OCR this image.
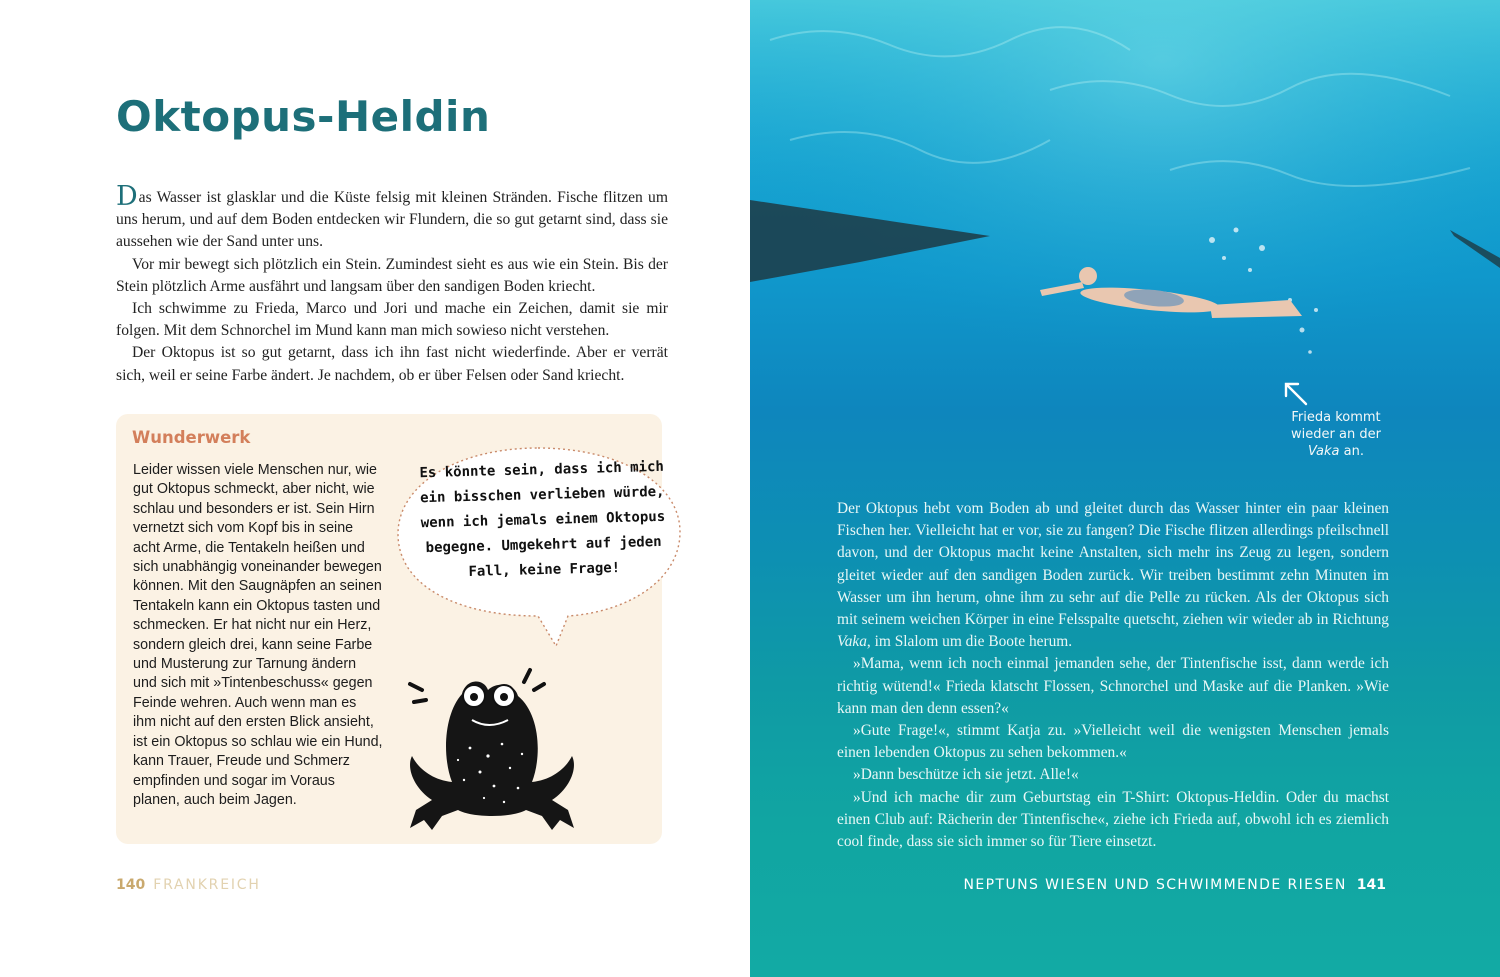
Oktopus-Heldin

Das Wasser ist glasklar und die Küste felsig mit kleinen Stränden. Fische flitzen um uns herum, und auf dem Boden entdecken wir Flundern, die so gut getarnt sind, dass sie aussehen wie der Sand unter uns.

Vor mir bewegt sich plötzlich ein Stein. Zumindest sieht es aus wie ein Stein. Bis der Stein plötzlich Arme ausfährt und langsam über den sandigen Boden kriecht.

Ich schwimme zu Frieda, Marco und Jori und mache ein Zeichen, damit sie mir folgen. Mit dem Schnorchel im Mund kann man mich sowieso nicht verstehen.

Der Oktopus ist so gut getarnt, dass ich ihn fast nicht wiederfinde. Aber er verrät sich, weil er seine Farbe ändert. Je nachdem, ob er über Felsen oder Sand kriecht.

Wunderwerk
Leider wissen viele Menschen nur, wie gut Oktopus schmeckt, aber nicht, wie schlau und besonders er ist. Sein Hirn vernetzt sich vom Kopf bis in seine acht Arme, die Tentakeln heißen und sich unabhängig voneinander bewegen können. Mit den Saugnäpfen an seinen Tentakeln kann ein Oktopus tasten und schmecken. Er hat nicht nur ein Herz, sondern gleich drei, kann seine Farbe und Musterung zur Tarnung ändern und sich mit »Tintenbeschuss« gegen Feinde wehren. Auch wenn man es ihm nicht auf den ersten Blick ansieht, ist ein Oktopus so schlau wie ein Hund, kann Trauer, Freude und Schmerz empfinden und sogar im Voraus planen, auch beim Jagen.
Es könnte sein, dass ich mich ein bisschen verlieben würde, wenn ich jemals einem Oktopus begegne. Umgekehrt auf jeden Fall, keine Frage!
140 FRANKREICH
Frieda kommt wieder an der Vaka an.

Der Oktopus hebt vom Boden ab und gleitet durch das Wasser hinter ein paar kleinen Fischen her. Vielleicht hat er vor, sie zu fangen? Die Fische flitzen allerdings pfeilschnell davon, und der Oktopus macht keine Anstalten, sich mehr ins Zeug zu legen, sondern gleitet wieder auf den sandigen Boden zurück. Wir treiben bestimmt zehn Minuten im Wasser um ihn herum, ohne ihm zu sehr auf die Pelle zu rücken. Als der Oktopus sich mit seinem weichen Körper in eine Felsspalte quetscht, ziehen wir wieder ab in Richtung Vaka, im Slalom um die Boote herum.

»Mama, wenn ich noch einmal jemanden sehe, der Tintenfische isst, dann werde ich richtig wütend!« Frieda klatscht Flossen, Schnorchel und Maske auf die Planken. »Wie kann man den denn essen?«

»Gute Frage!«, stimmt Katja zu. »Vielleicht weil die wenigsten Menschen jemals einen lebenden Oktopus zu sehen bekommen.«

»Dann beschütze ich sie jetzt. Alle!«

»Und ich mache dir zum Geburtstag ein T-Shirt: Oktopus-Heldin. Oder du machst einen Club auf: Rächerin der Tintenfische«, ziehe ich Frieda auf, obwohl ich es ziemlich cool finde, dass sie sich immer so für Tiere einsetzt.

NEPTUNS WIESEN UND SCHWIMMENDE RIESEN 141
